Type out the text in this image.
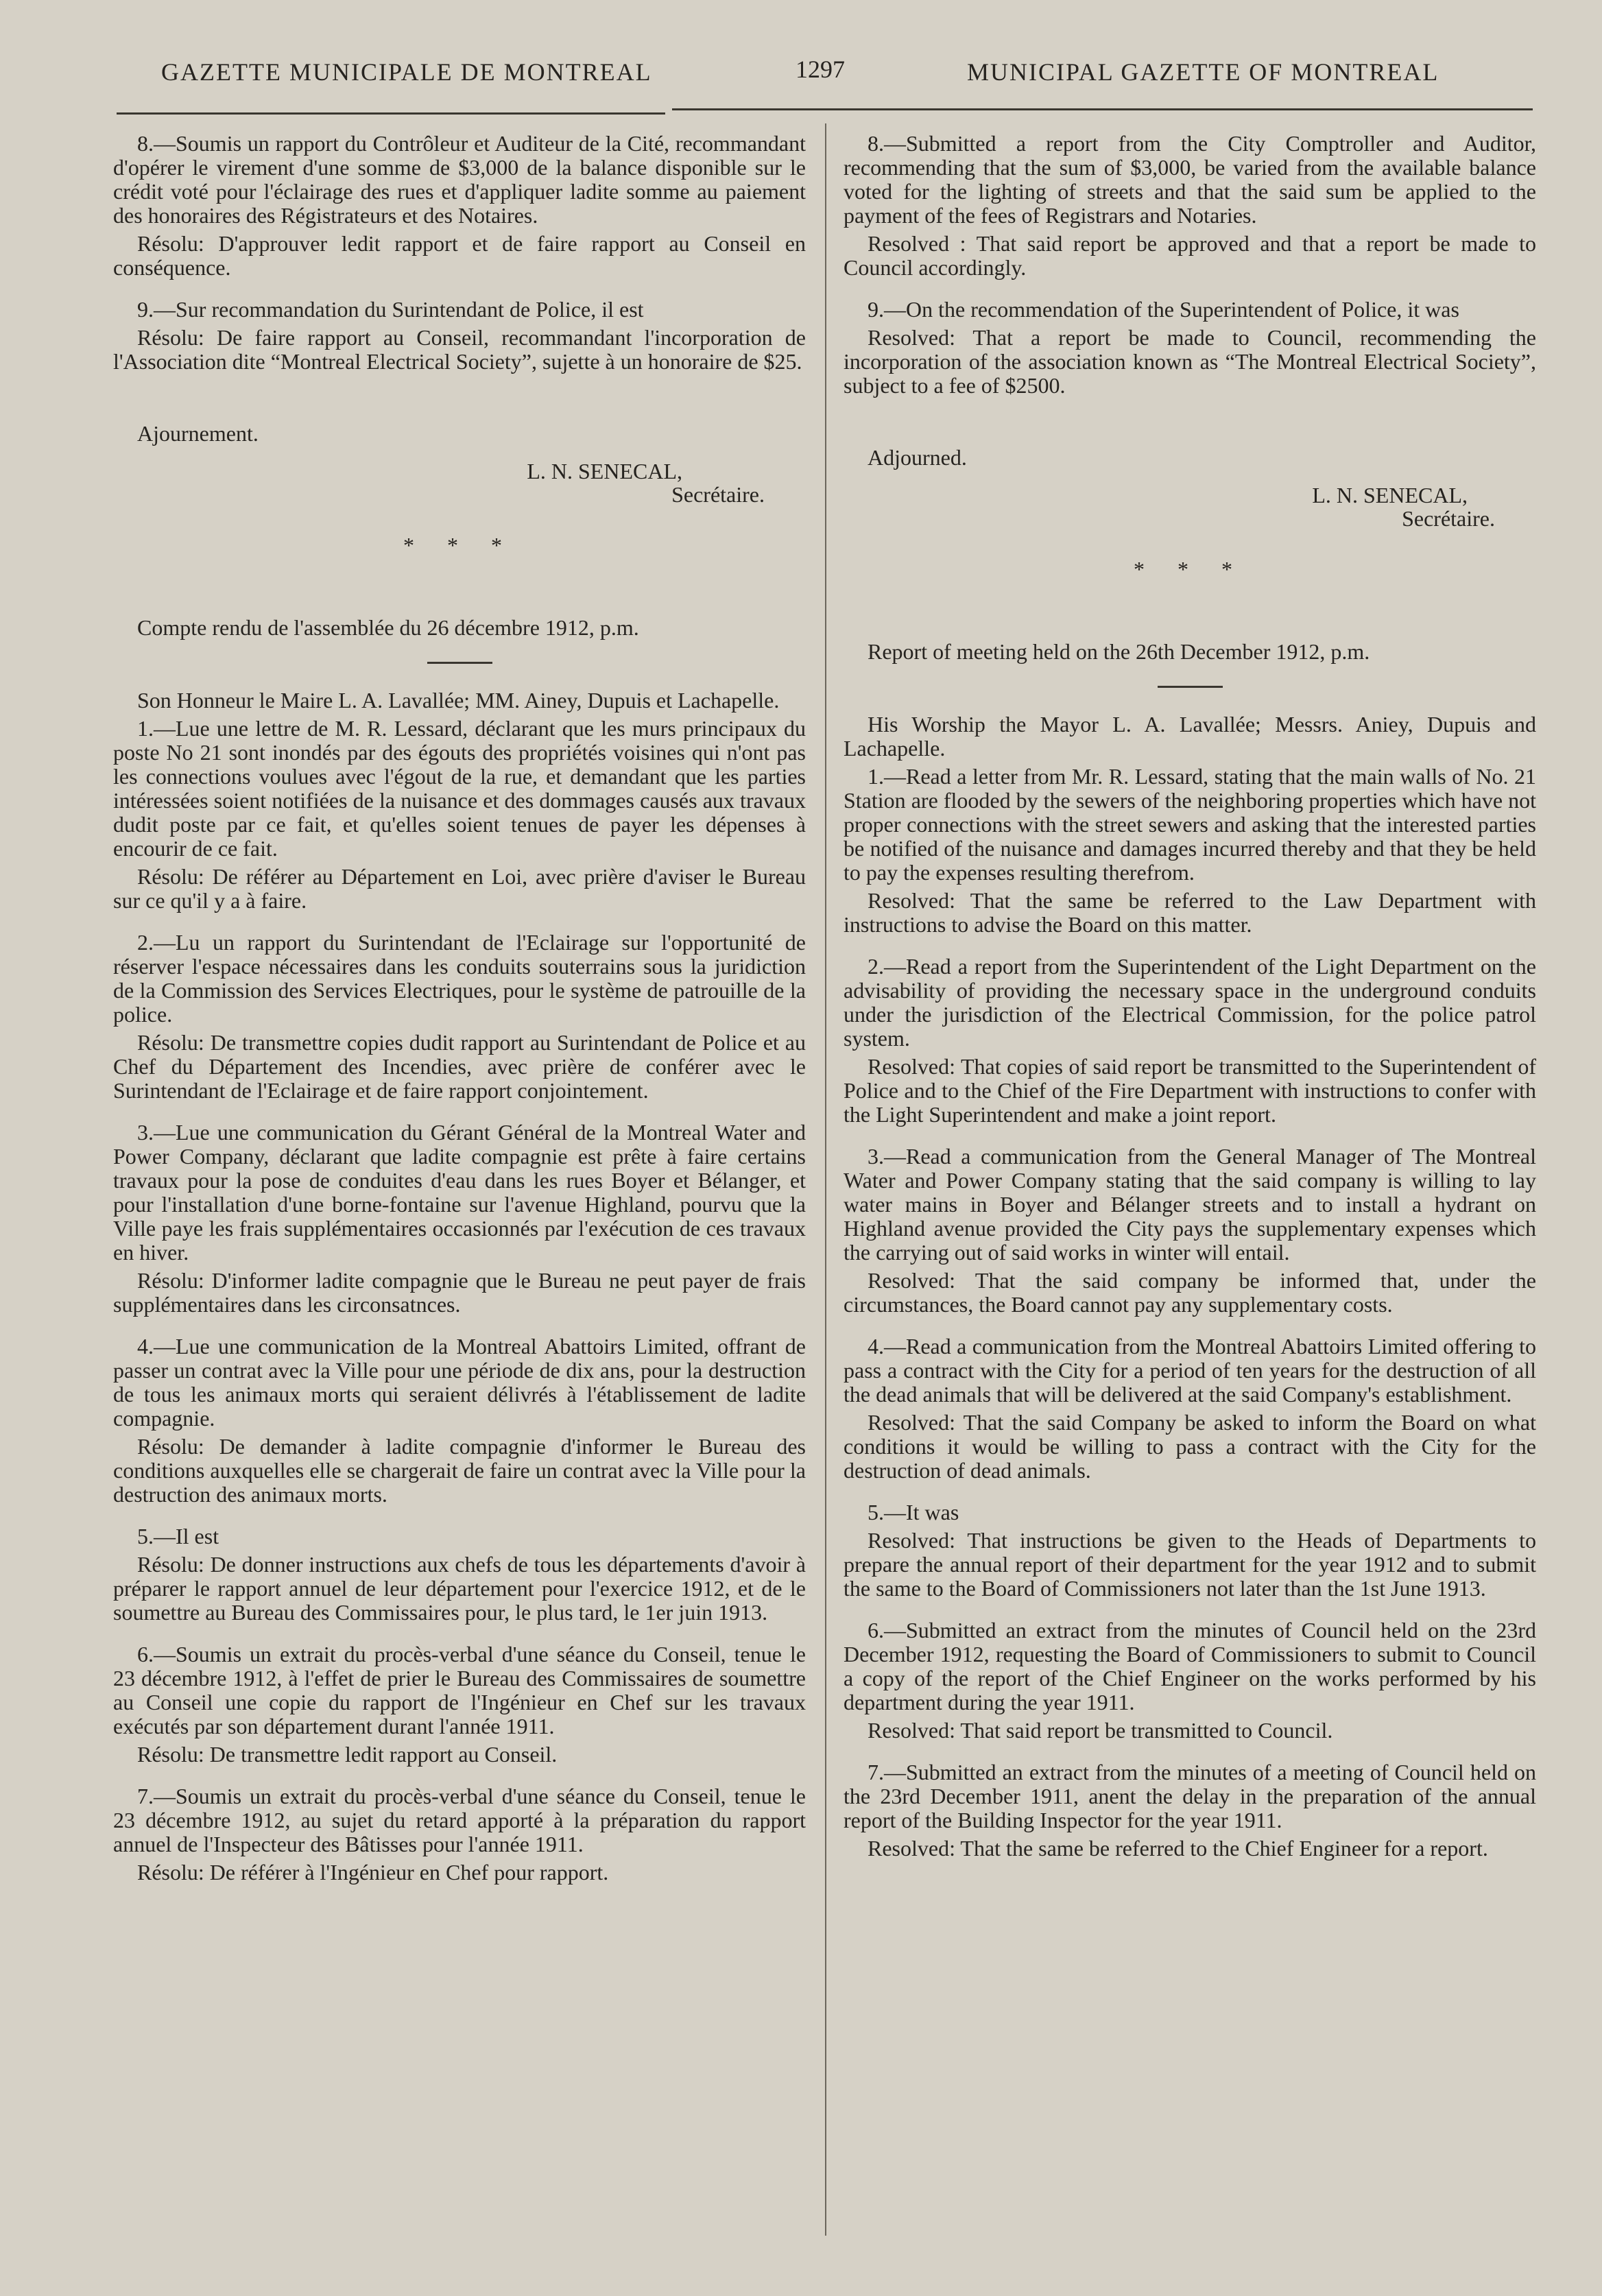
GAZETTE MUNICIPALE DE MONTREAL	1297	MUNICIPAL GAZETTE OF MONTREAL

8.—Soumis un rapport du Contrôleur et Auditeur de la Cité, recommandant d'opérer le virement d'une somme de $3,000 de la balance disponible sur le crédit voté pour l'éclairage des rues et d'appliquer ladite somme au paiement des honoraires des Régistrateurs et des Notaires.

Résolu: D'approuver ledit rapport et de faire rapport au Conseil en conséquence.

9.—Sur recommandation du Surintendant de Police, il est

Résolu: De faire rapport au Conseil, recommandant l'incorporation de l'Association dite “Montreal Electrical Society”, sujette à un honoraire de $25.

Ajournement.

L. N. SENECAL,

Secrétaire.

* * *

Compte rendu de l'assemblée du 26 décembre 1912, p.m.

Son Honneur le Maire L. A. Lavallée; MM. Ainey, Dupuis et Lachapelle.

1.—Lue une lettre de M. R. Lessard, déclarant que les murs principaux du poste No 21 sont inondés par des égouts des propriétés voisines qui n'ont pas les connections voulues avec l'égout de la rue, et demandant que les parties intéressées soient notifiées de la nuisance et des dommages causés aux travaux dudit poste par ce fait, et qu'elles soient tenues de payer les dépenses à encourir de ce fait.

Résolu: De référer au Département en Loi, avec prière d'aviser le Bureau sur ce qu'il y a à faire.

2.—Lu un rapport du Surintendant de l'Eclairage sur l'opportunité de réserver l'espace nécessaires dans les conduits souterrains sous la juridiction de la Commission des Services Electriques, pour le système de patrouille de la police.

Résolu: De transmettre copies dudit rapport au Surintendant de Police et au Chef du Département des Incendies, avec prière de conférer avec le Surintendant de l'Eclairage et de faire rapport conjointement.

3.—Lue une communication du Gérant Général de la Montreal Water and Power Company, déclarant que ladite compagnie est prête à faire certains travaux pour la pose de conduites d'eau dans les rues Boyer et Bélanger, et pour l'installation d'une borne-fontaine sur l'avenue Highland, pourvu que la Ville paye les frais supplémentaires occasionnés par l'exécution de ces travaux en hiver.

Résolu: D'informer ladite compagnie que le Bureau ne peut payer de frais supplémentaires dans les circonsatnces.

4.—Lue une communication de la Montreal Abattoirs Limited, offrant de passer un contrat avec la Ville pour une période de dix ans, pour la destruction de tous les animaux morts qui seraient délivrés à l'établissement de ladite compagnie.

Résolu: De demander à ladite compagnie d'informer le Bureau des conditions auxquelles elle se chargerait de faire un contrat avec la Ville pour la destruction des animaux morts.

5.—Il est

Résolu: De donner instructions aux chefs de tous les départements d'avoir à préparer le rapport annuel de leur département pour l'exercice 1912, et de le soumettre au Bureau des Commissaires pour, le plus tard, le 1er juin 1913.

6.—Soumis un extrait du procès-verbal d'une séance du Conseil, tenue le 23 décembre 1912, à l'effet de prier le Bureau des Commissaires de soumettre au Conseil une copie du rapport de l'Ingénieur en Chef sur les travaux exécutés par son département durant l'année 1911.

Résolu: De transmettre ledit rapport au Conseil.

7.—Soumis un extrait du procès-verbal d'une séance du Conseil, tenue le 23 décembre 1912, au sujet du retard apporté à la préparation du rapport annuel de l'Inspecteur des Bâtisses pour l'année 1911.

Résolu: De référer à l'Ingénieur en Chef pour rapport.

8.—Submitted a report from the City Comptroller and Auditor, recommending that the sum of $3,000, be varied from the available balance voted for the lighting of streets and that the said sum be applied to the payment of the fees of Registrars and Notaries.

Resolved : That said report be approved and that a report be made to Council accordingly.

9.—On the recommendation of the Superintendent of Police, it was

Resolved: That a report be made to Council, recommending the incorporation of the association known as “The Montreal Electrical Society”, subject to a fee of $2500.

Adjourned.

L. N. SENECAL,

Secrétaire.

* * *

Report of meeting held on the 26th December 1912, p.m.

His Worship the Mayor L. A. Lavallée; Messrs. Aniey, Dupuis and Lachapelle.

1.—Read a letter from Mr. R. Lessard, stating that the main walls of No. 21 Station are flooded by the sewers of the neighboring properties which have not proper connections with the street sewers and asking that the interested parties be notified of the nuisance and damages incurred thereby and that they be held to pay the expenses resulting therefrom.

Resolved: That the same be referred to the Law Department with instructions to advise the Board on this matter.

2.—Read a report from the Superintendent of the Light Department on the advisability of providing the necessary space in the underground conduits under the jurisdiction of the Electrical Commission, for the police patrol system.

Resolved: That copies of said report be transmitted to the Superintendent of Police and to the Chief of the Fire Department with instructions to confer with the Light Superintendent and make a joint report.

3.—Read a communication from the General Manager of The Montreal Water and Power Company stating that the said company is willing to lay water mains in Boyer and Bélanger streets and to install a hydrant on Highland avenue provided the City pays the supplementary expenses which the carrying out of said works in winter will entail.

Resolved: That the said company be informed that, under the circumstances, the Board cannot pay any supplementary costs.

4.—Read a communication from the Montreal Abattoirs Limited offering to pass a contract with the City for a period of ten years for the destruction of all the dead animals that will be delivered at the said Company's establishment.

Resolved: That the said Company be asked to inform the Board on what conditions it would be willing to pass a contract with the City for the destruction of dead animals.

5.—It was

Resolved: That instructions be given to the Heads of Departments to prepare the annual report of their department for the year 1912 and to submit the same to the Board of Commissioners not later than the 1st June 1913.

6.—Submitted an extract from the minutes of Council held on the 23rd December 1912, requesting the Board of Commissioners to submit to Council a copy of the report of the Chief Engineer on the works performed by his department during the year 1911.

Resolved: That said report be transmitted to Council.

7.—Submitted an extract from the minutes of a meeting of Council held on the 23rd December 1911, anent the delay in the preparation of the annual report of the Building Inspector for the year 1911.

Resolved: That the same be referred to the Chief Engineer for a report.
